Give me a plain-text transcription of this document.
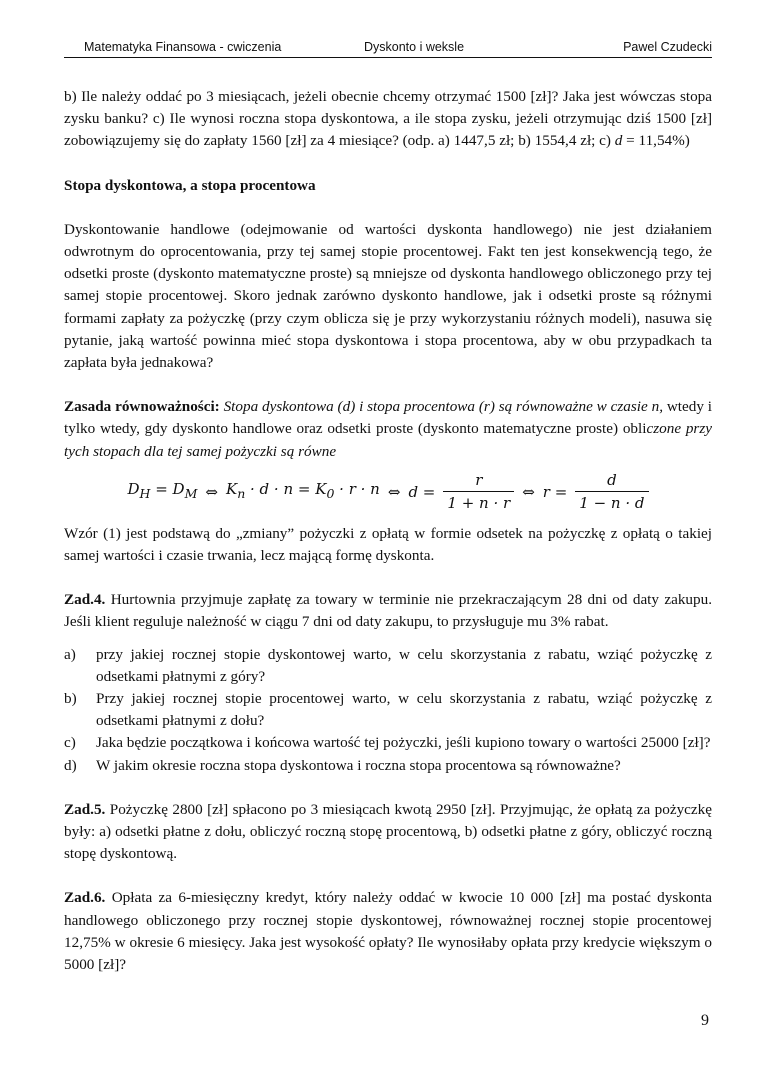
Matematyka Finansowa - cwiczenia	Dyskonto i weksle	Pawel Czudecki

b) Ile należy oddać po 3 miesiącach, jeżeli obecnie chcemy otrzymać 1500 [zł]? Jaka jest wówczas stopa zysku banku? c) Ile wynosi roczna stopa dyskontowa, a ile stopa zysku, jeżeli otrzymując dziś 1500 [zł] zobowiązujemy się do zapłaty 1560 [zł] za 4 miesiące? (odp. a) 1447,5 zł; b) 1554,4 zł; c) d = 11,54%)

Stopa dyskontowa, a stopa procentowa

Dyskontowanie handlowe (odejmowanie od wartości dyskonta handlowego) nie jest działaniem odwrotnym do oprocentowania, przy tej samej stopie procentowej. Fakt ten jest konsekwencją tego, że odsetki proste (dyskonto matematyczne proste) są mniejsze od dyskonta handlowego obliczonego przy tej samej stopie procentowej. Skoro jednak zarówno dyskonto handlowe, jak i odsetki proste są różnymi formami zapłaty za pożyczkę (przy czym oblicza się je przy wykorzystaniu różnych modeli), nasuwa się pytanie, jaką wartość powinna mieć stopa dyskontowa i stopa procentowa, aby w obu przypadkach ta zapłata była jednakowa?

Zasada równoważności: Stopa dyskontowa (d) i stopa procentowa (r) są równoważne w czasie n, wtedy i tylko wtedy, gdy dyskonto handlowe oraz odsetki proste (dyskonto matematyczne proste) obliczone przy tych stopach dla tej samej pożyczki są równe

$D_H = D_M$ ⇔ $K_n \cdot d \cdot n = K_0 \cdot r \cdot n$ ⇔ $d = \frac{r}{1 + n \cdot r}$ ⇔ $r = \frac{d}{1 - n \cdot d}$

Wzór (1) jest podstawą do „zmiany” pożyczki z opłatą w formie odsetek na pożyczkę z opłatą o takiej samej wartości i czasie trwania, lecz mającą formę dyskonta.

Zad.4. Hurtownia przyjmuje zapłatę za towary w terminie nie przekraczającym 28 dni od daty zakupu. Jeśli klient reguluje należność w ciągu 7 dni od daty zakupu, to przysługuje mu 3% rabat.

a) przy jakiej rocznej stopie dyskontowej warto, w celu skorzystania z rabatu, wziąć pożyczkę z odsetkami płatnymi z góry?
b) Przy jakiej rocznej stopie procentowej warto, w celu skorzystania z rabatu, wziąć pożyczkę z odsetkami płatnymi z dołu?
c) Jaka będzie początkowa i końcowa wartość tej pożyczki, jeśli kupiono towary o wartości 25000 [zł]?
d) W jakim okresie roczna stopa dyskontowa i roczna stopa procentowa są równoważne?

Zad.5. Pożyczkę 2800 [zł] spłacono po 3 miesiącach kwotą 2950 [zł]. Przyjmując, że opłatą za pożyczkę były: a) odsetki płatne z dołu, obliczyć roczną stopę procentową, b) odsetki płatne z góry, obliczyć roczną stopę dyskontową.

Zad.6. Opłata za 6-miesięczny kredyt, który należy oddać w kwocie 10 000 [zł] ma postać dyskonta handlowego obliczonego przy rocznej stopie dyskontowej, równoważnej rocznej stopie procentowej 12,75% w okresie 6 miesięcy. Jaka jest wysokość opłaty? Ile wynosiłaby opłata przy kredycie większym o 5000 [zł]?

9
